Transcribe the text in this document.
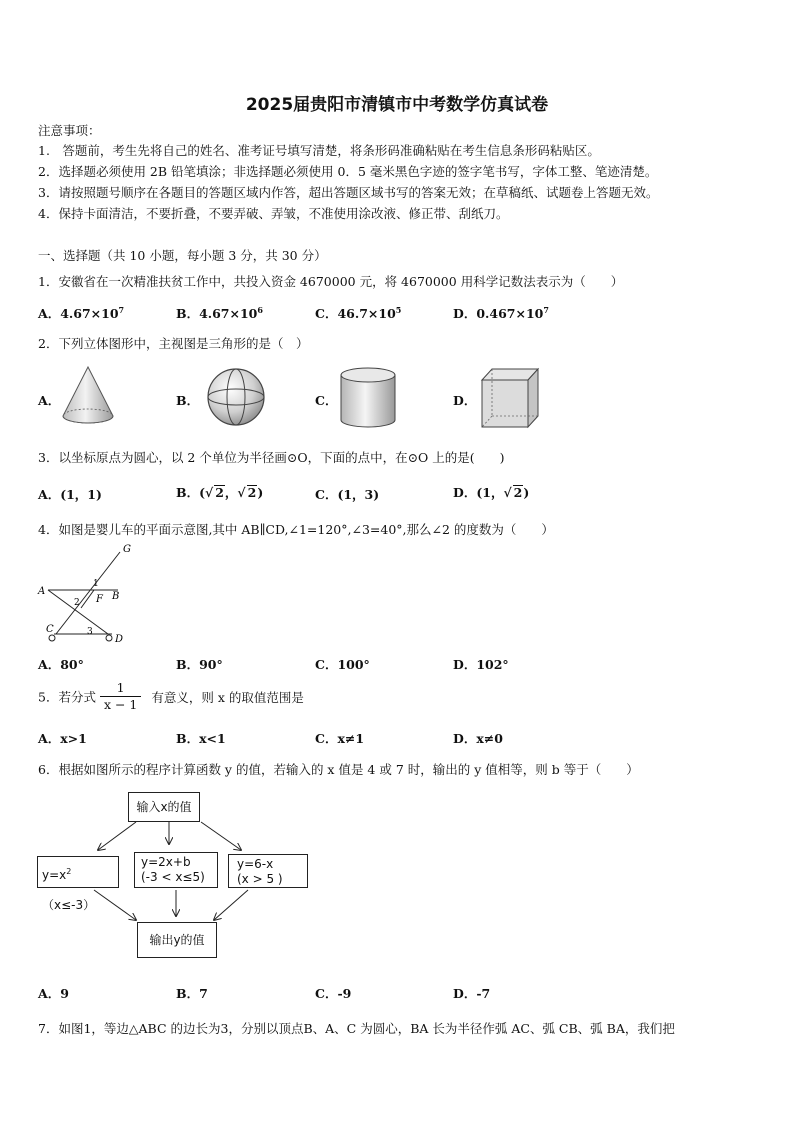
2025届贵阳市清镇市中考数学仿真试卷
注意事项：
1.　答题前，考生先将自己的姓名、准考证号填写清楚，将条形码准确粘贴在考生信息条形码粘贴区。
2．选择题必须使用 2B 铅笔填涂；非选择题必须使用 0．5 毫米黑色字迹的签字笔书写，字体工整、笔迹清楚。
3．请按照题号顺序在各题目的答题区域内作答，超出答题区域书写的答案无效；在草稿纸、试题卷上答题无效。
4．保持卡面清洁，不要折叠，不要弄破、弄皱，不准使用涂改液、修正带、刮纸刀。
一、选择题（共 10 小题，每小题 3 分，共 30 分）
1．安徽省在一次精准扶贫工作中，共投入资金 4670000 元，将 4670000 用科学记数法表示为（　　）
A．$4.67\times 10^7$	B．$4.67\times 10^6$	C．$46.7\times 10^5$	D．$0.467\times 10^7$
2．下列立体图形中，主视图是三角形的是（　）
A．	B．	C．	D．
3．以坐标原点为圆心，以 2 个单位为半径画⊙O，下面的点中，在⊙O 上的是(　　)
A．(1，1)	B．(√ 2，√ 2)	C．(1，3)	D．(1，√ 2)
4．如图是婴儿车的平面示意图,其中 AB∥CD,∠1=120°,∠3=40°,那么∠2 的度数为（　　）
G
A	B
F
C
D
1
2
3
A．80°	B．90°	C．100°	D．102°
5．若分式 $\frac{1}{x - 1}$ 有意义，则 x 的取值范围是
A．x>1	B．x<1	C．x≠1	D．x≠0
6．根据如图所示的程序计算函数 y 的值，若输入的 x 值是 4 或 7 时，输出的 y 值相等，则 b 等于（　　）
输入x的值
$y=x^2(x\le-3)$
y=2x+b
(-3 < x≤5)
y=6-x
(x > 5 )
输出y的值
A．9	B．7	C．-9	D．-7
7．如图1，等边△ABC 的边长为3，分别以顶点B、A、C 为圆心，BA 长为半径作弧 AC、弧 CB、弧 BA，我们把
